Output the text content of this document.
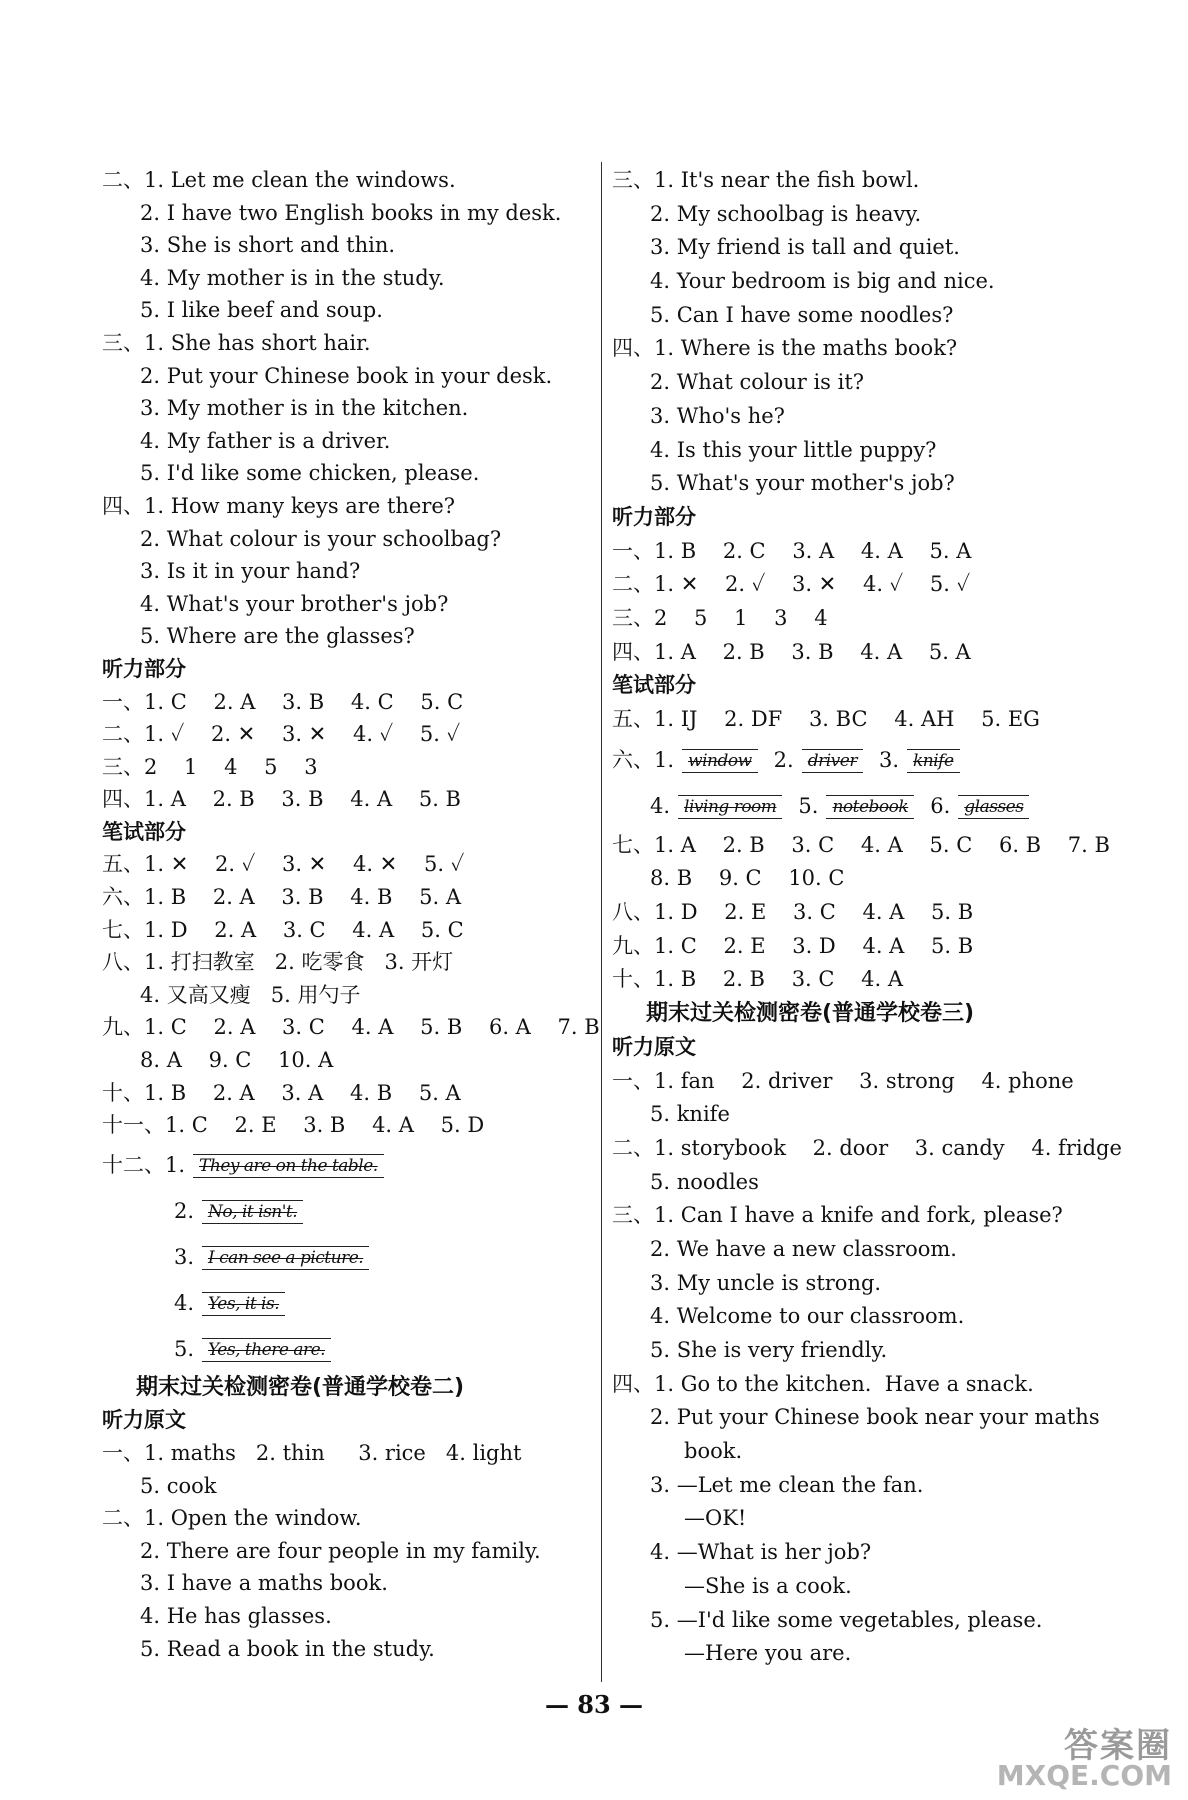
二、1. Let me clean the windows.
2. I have two English books in my desk.
3. She is short and thin.
4. My mother is in the study.
5. I like beef and soup.
三、1. She has short hair.
2. Put your Chinese book in your desk.
3. My mother is in the kitchen.
4. My father is a driver.
5. I'd like some chicken, please.
四、1. How many keys are there?
2. What colour is your schoolbag?
3. Is it in your hand?
4. What's your brother's job?
5. Where are the glasses?
听力部分
一、1. C    2. A    3. B    4. C    5. C
二、1. ✓    2. ✕    3. ✕    4. ✓    5. ✓
三、2    1    4    5    3
四、1. A    2. B    3. B    4. A    5. B
笔试部分
五、1. ✕    2. ✓    3. ✕    4. ✕    5. ✓
六、1. B    2. A    3. B    4. B    5. A
七、1. D    2. A    3. C    4. A    5. C
八、1. 打扫教室   2. 吃零食   3. 开灯
4. 又高又瘦   5. 用勺子
九、1. C    2. A    3. C    4. A    5. B    6. A    7. B
8. A    9. C    10. A
十、1. B    2. A    3. A    4. B    5. A
十一、1. C    2. E    3. B    4. A    5. D
十二、1. They are on the table.
2. No, it isn't.
3. I can see a picture.
4. Yes, it is.
5. Yes, there are.
期末过关检测密卷(普通学校卷二)
听力原文
一、1. maths   2. thin     3. rice   4. light
5. cook
二、1. Open the window.
2. There are four people in my family.
3. I have a maths book.
4. He has glasses.
5. Read a book in the study.
三、1. It's near the fish bowl.
2. My schoolbag is heavy.
3. My friend is tall and quiet.
4. Your bedroom is big and nice.
5. Can I have some noodles?
四、1. Where is the maths book?
2. What colour is it?
3. Who's he?
4. Is this your little puppy?
5. What's your mother's job?
听力部分
一、1. B    2. C    3. A    4. A    5. A
二、1. ✕    2. ✓    3. ✕    4. ✓    5. ✓
三、2    5    1    3    4
四、1. A    2. B    3. B    4. A    5. A
笔试部分
五、1. IJ    2. DF    3. BC    4. AH    5. EG
六、1. window 2. driver 3. knife
4. living room 5. notebook 6. glasses
七、1. A    2. B    3. C    4. A    5. C    6. B    7. B
8. B    9. C    10. C
八、1. D    2. E    3. C    4. A    5. B
九、1. C    2. E    3. D    4. A    5. B
十、1. B    2. B    3. C    4. A
期末过关检测密卷(普通学校卷三)
听力原文
一、1. fan    2. driver    3. strong    4. phone
5. knife
二、1. storybook    2. door    3. candy    4. fridge
5. noodles
三、1. Can I have a knife and fork, please?
2. We have a new classroom.
3. My uncle is strong.
4. Welcome to our classroom.
5. She is very friendly.
四、1. Go to the kitchen.  Have a snack.
2. Put your Chinese book near your maths
book.
3. —Let me clean the fan.
—OK!
4. —What is her job?
—She is a cook.
5. —I'd like some vegetables, please.
—Here you are.
— 83 —
答案圈
MXQE.COM
